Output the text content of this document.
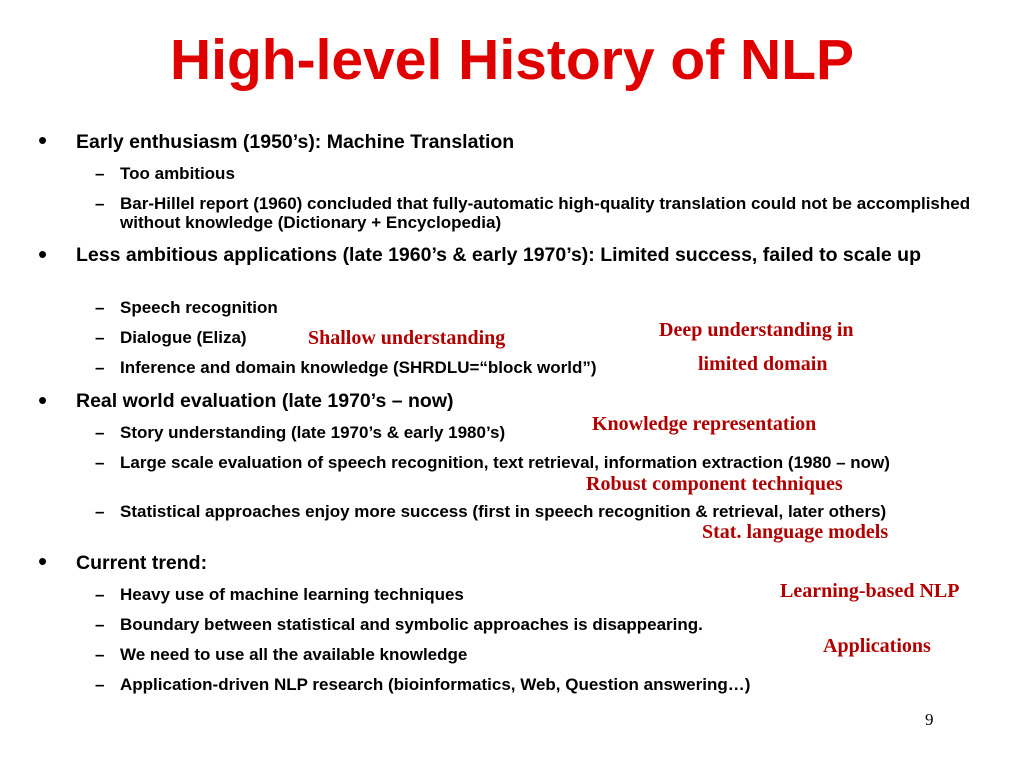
High-level History of NLP
• Early enthusiasm (1950’s): Machine Translation
– Too ambitious
– Bar-Hillel report (1960) concluded that fully-automatic high-quality translation could not be accomplished without knowledge (Dictionary + Encyclopedia)
• Less ambitious applications (late 1960’s & early 1970’s): Limited success, failed to scale up
– Speech recognition
– Dialogue (Eliza)
– Inference and domain knowledge (SHRDLU=“block world”)
• Real world evaluation (late 1970’s – now)
– Story understanding (late 1970’s & early 1980’s)
– Large scale evaluation of speech recognition, text retrieval, information extraction (1980 – now)
– Statistical approaches enjoy more success (first in speech recognition & retrieval, later others)
• Current trend:
– Heavy use of machine learning techniques
– Boundary between statistical and symbolic approaches is disappearing.
– We need to use all the available knowledge
– Application-driven NLP research (bioinformatics, Web, Question answering…)
Shallow understanding	Deep understanding in
limited domain
Knowledge representation
Robust component techniques
Stat. language models
Learning-based NLP
Applications
9
